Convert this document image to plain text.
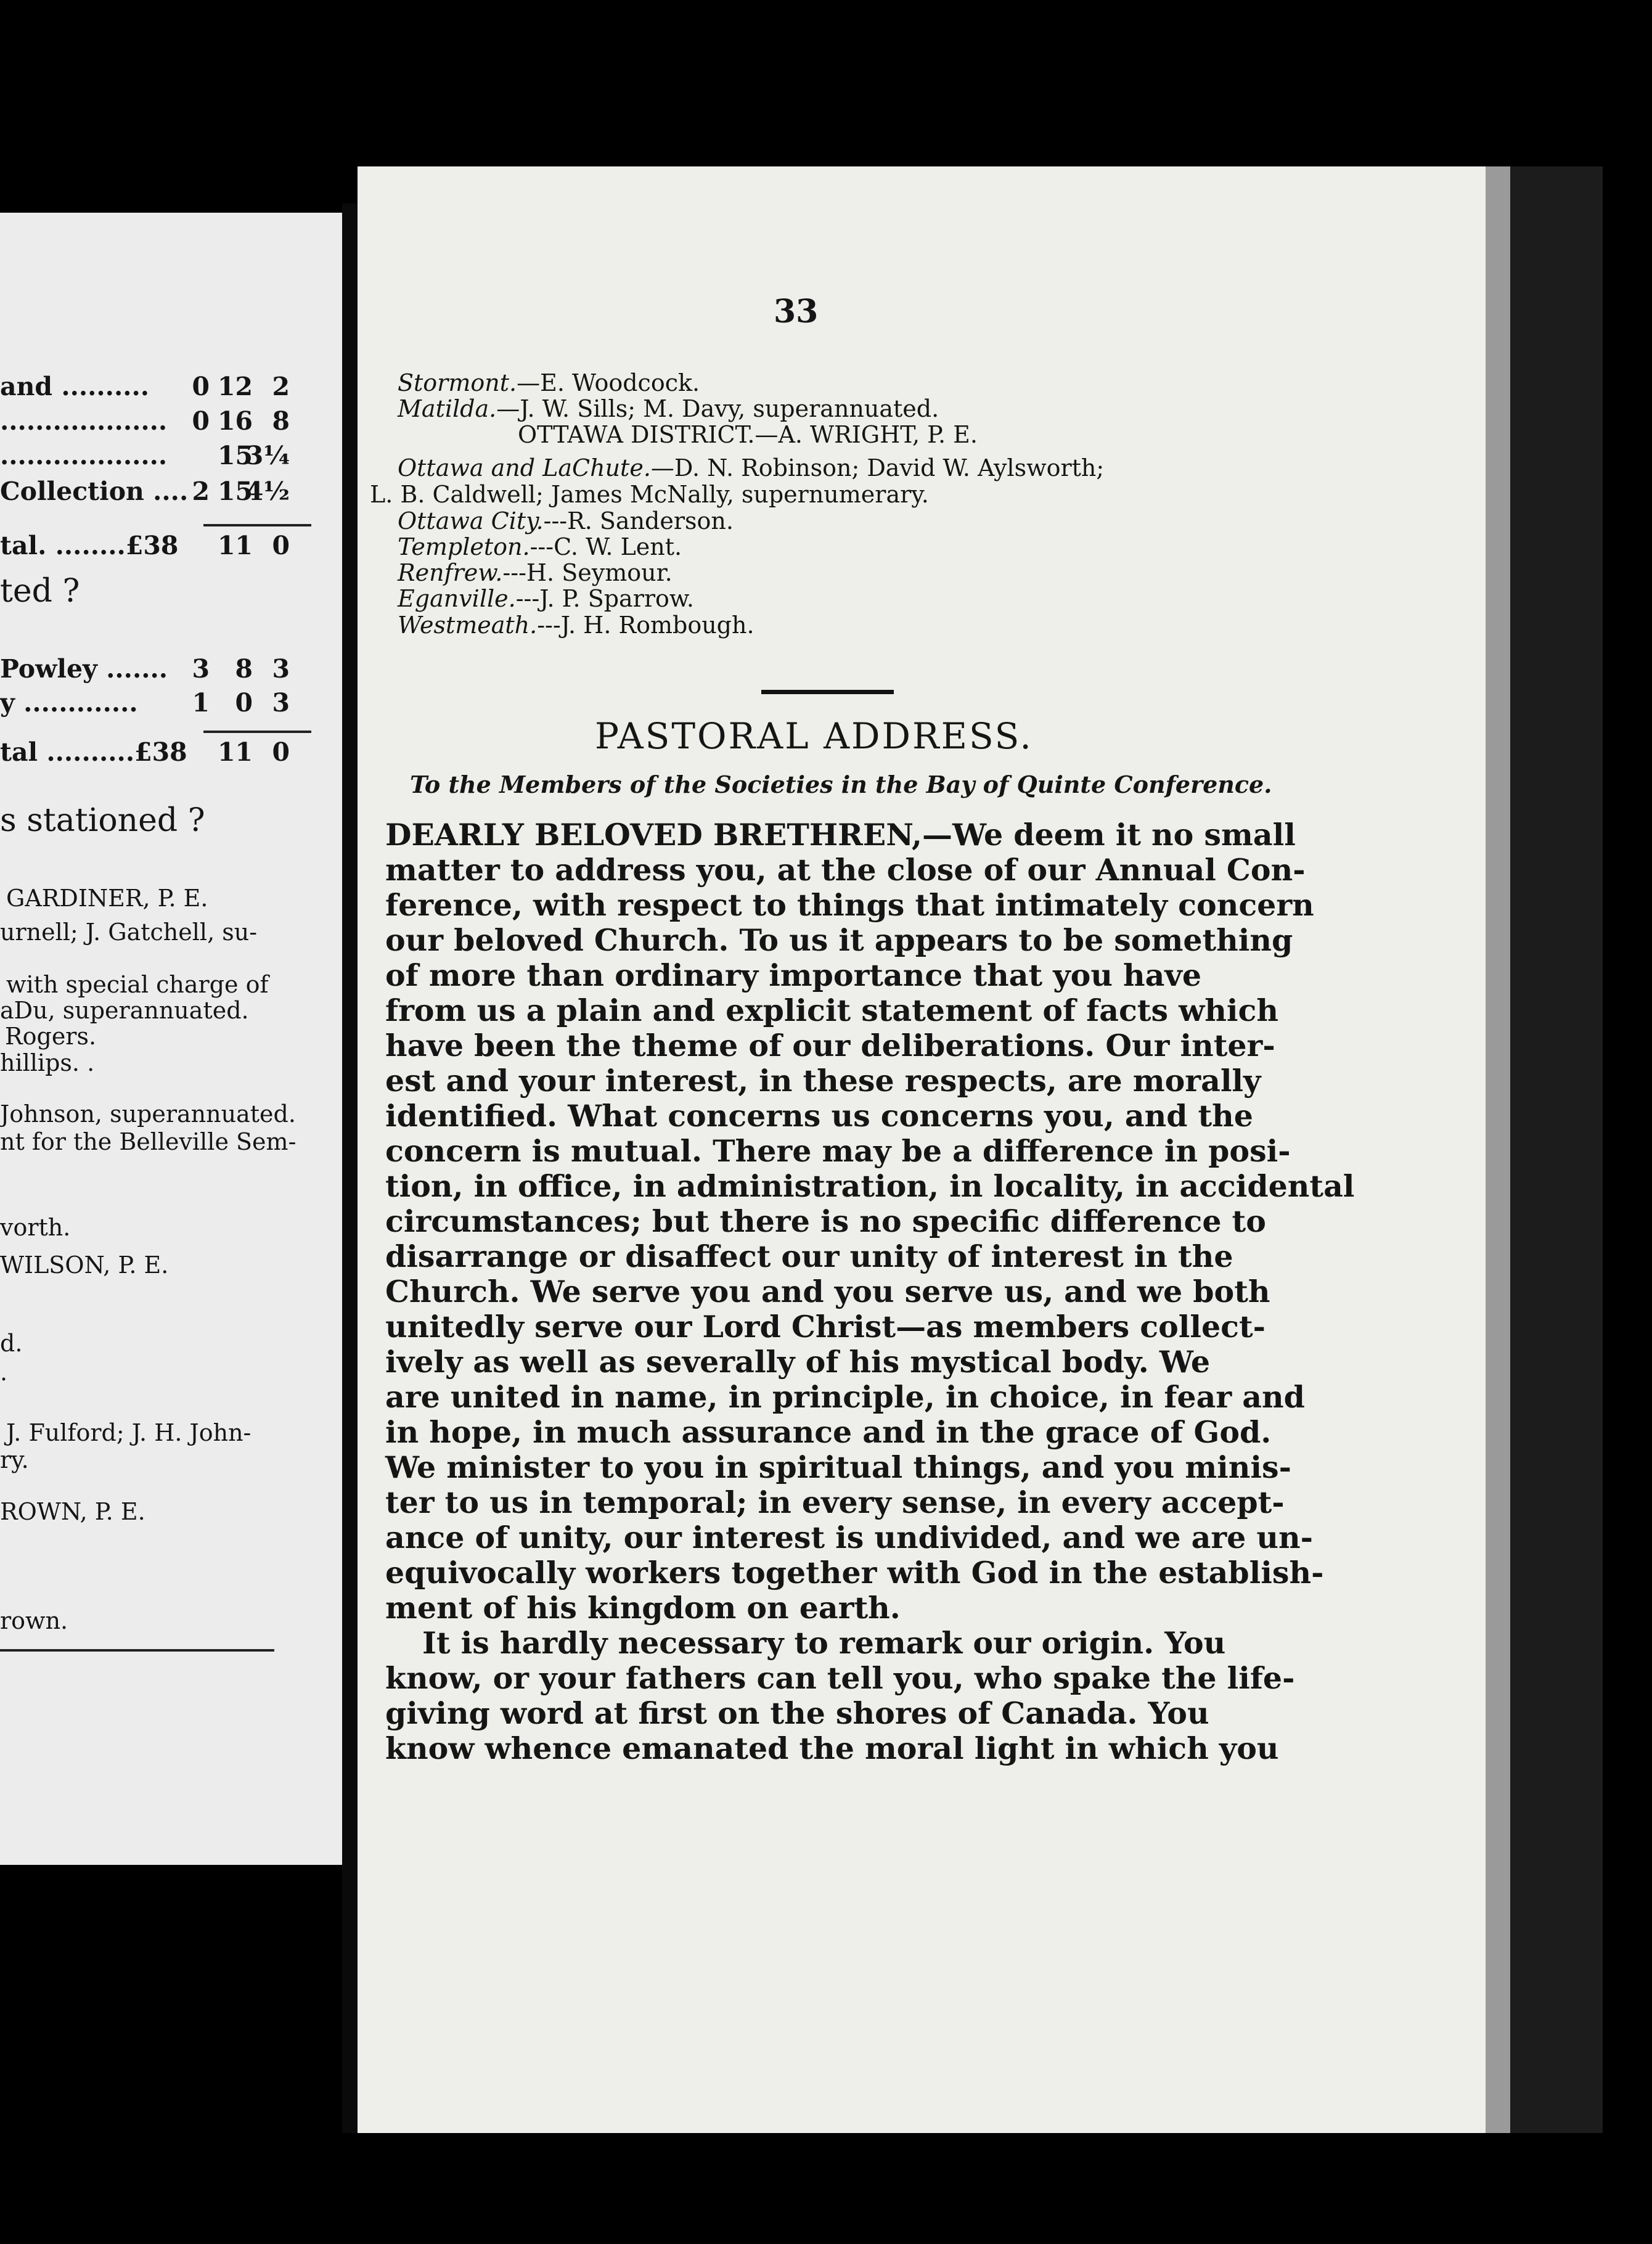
and .......... 0 12 2
................... 0 16 8
................... 15
3¼
Collection .... 2 15
4½
tal. ........£38 11 0
ted ?
Powley ....... 3 8 3
y ............. 1 0 3
tal ..........£38 11 0
s stationed ?
GARDINER, P. E.
urnell; J. Gatchell, su-
with special charge of
aDu, superannuated.
Rogers.
hillips. .
Johnson, superannuated.
nt for the Belleville Sem-
vorth.
WILSON, P. E.
d.
.
J. Fulford; J. H. John-
ry.
ROWN, P. E.
rown.
33
Stormont.—E. Woodcock.
Matilda.—J. W. Sills; M. Davy, superannuated.
OTTAWA DISTRICT.—A. WRIGHT, P. E.
Ottawa and LaChute.—D. N. Robinson; David W. Aylsworth;
L. B. Caldwell; James McNally, supernumerary.
Ottawa City.---R. Sanderson.
Templeton.---C. W. Lent.
Renfrew.---H. Seymour.
Eganville.---J. P. Sparrow.
Westmeath.---J. H. Rombough.
PASTORAL ADDRESS.
To the Members of the Societies in the Bay of Quinte Conference.
DEARLY BELOVED BRETHREN,—We deem it no small
matter to address you, at the close of our Annual Con-
ference, with respect to things that intimately concern
our beloved Church. To us it appears to be something
of more than ordinary importance that you have
from us a plain and explicit statement of facts which
have been the theme of our deliberations. Our inter-
est and your interest, in these respects, are morally
identified. What concerns us concerns you, and the
concern is mutual. There may be a difference in posi-
tion, in office, in administration, in locality, in accidental
circumstances; but there is no specific difference to
disarrange or disaffect our unity of interest in the
Church. We serve you and you serve us, and we both
unitedly serve our Lord Christ—as members collect-
ively as well as severally of his mystical body. We
are united in name, in principle, in choice, in fear and
in hope, in much assurance and in the grace of God.
We minister to you in spiritual things, and you minis-
ter to us in temporal; in every sense, in every accept-
ance of unity, our interest is undivided, and we are un-
equivocally workers together with God in the establish-
ment of his kingdom on earth.
It is hardly necessary to remark our origin. You
know, or your fathers can tell you, who spake the life-
giving word at first on the shores of Canada. You
know whence emanated the moral light in which you
